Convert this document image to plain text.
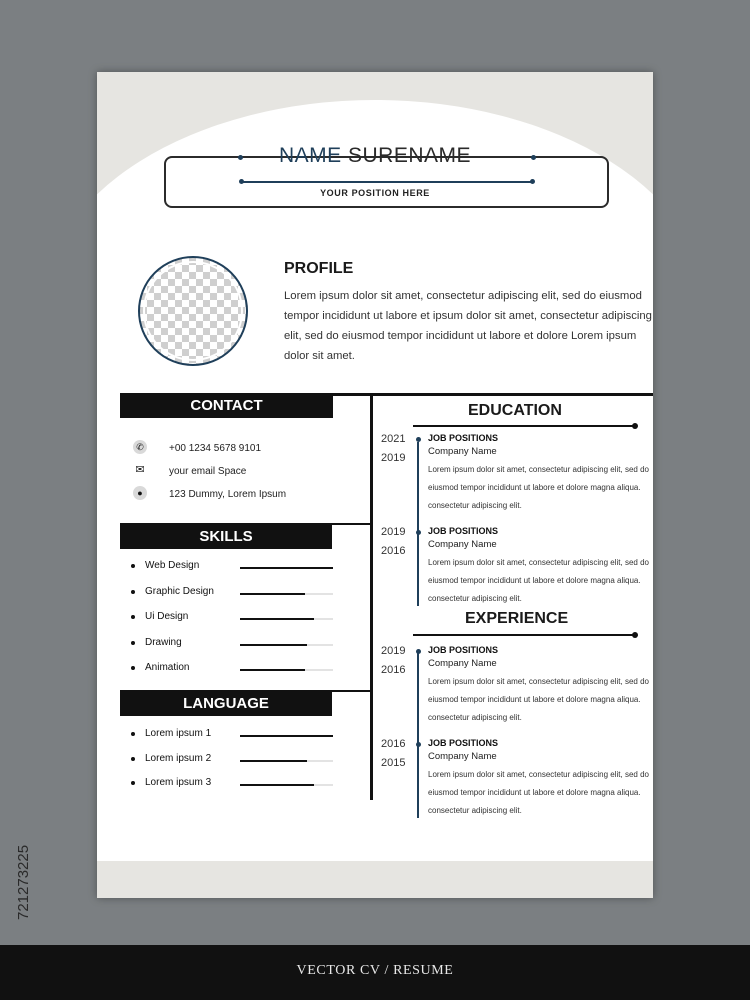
NAME SURENAME
YOUR POSITION HERE
PROFILE
Lorem ipsum dolor sit amet, consectetur adipiscing elit, sed do eiusmod tempor incididunt ut labore et ipsum dolor sit amet, consectetur adipiscing elit, sed do eiusmod tempor incididunt ut labore et dolore Lorem ipsum dolor sit amet.
CONTACT
✆	+00 1234 5678 9101
✉ your email Space
●	123 Dummy, Lorem Ipsum
SKILLS
Web Design
Graphic Design
Ui Design
Drawing
Animation
LANGUAGE
Lorem ipsum 1
Lorem ipsum 2
Lorem ipsum 3
EDUCATION
EXPERIENCE
2021
2019
JOB POSITIONS
Company Name
Lorem ipsum dolor sit amet, consectetur adipiscing elit, sed do
eiusmod tempor incididunt ut labore et dolore magna aliqua.
consectetur adipiscing elit.
2019
2016
JOB POSITIONS
Company Name
Lorem ipsum dolor sit amet, consectetur adipiscing elit, sed do
eiusmod tempor incididunt ut labore et dolore magna aliqua.
consectetur adipiscing elit.
2019
2016
JOB POSITIONS
Company Name
Lorem ipsum dolor sit amet, consectetur adipiscing elit, sed do
eiusmod tempor incididunt ut labore et dolore magna aliqua.
consectetur adipiscing elit.
2016
2015
JOB POSITIONS
Company Name
Lorem ipsum dolor sit amet, consectetur adipiscing elit, sed do
eiusmod tempor incididunt ut labore et dolore magna aliqua.
consectetur adipiscing elit.
VECTOR CV / RESUME
721273225
